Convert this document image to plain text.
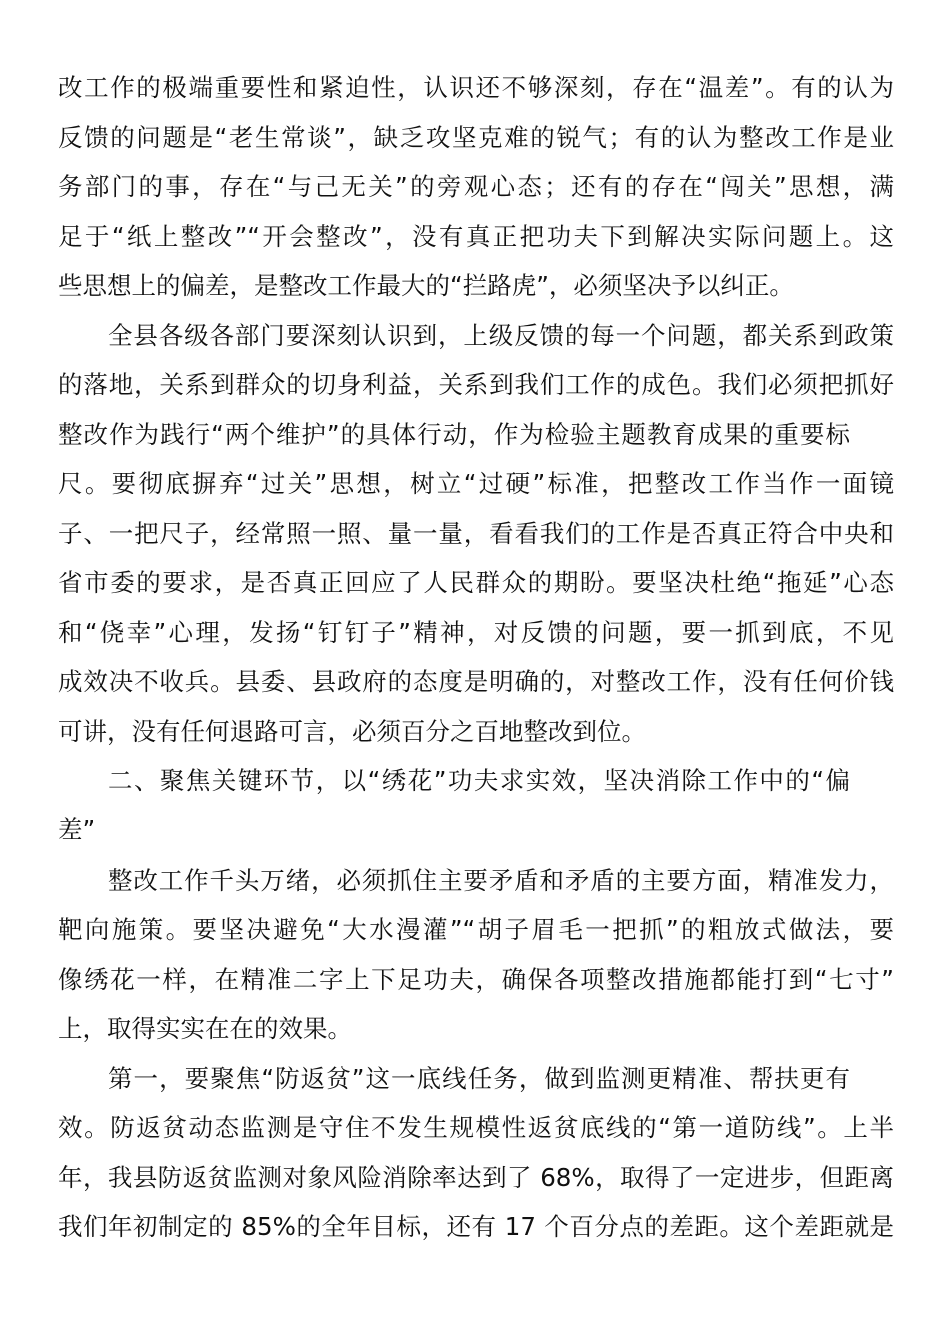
改工作的极端重要性和紧迫性，认识还不够深刻，存在“温差”。有的认为
反馈的问题是“老生常谈”，缺乏攻坚克难的锐气；有的认为整改工作是业
务部门的事，存在“与己无关”的旁观心态；还有的存在“闯关”思想，满
足于“纸上整改”“开会整改”，没有真正把功夫下到解决实际问题上。这
些思想上的偏差，是整改工作最大的“拦路虎”，必须坚决予以纠正。
全县各级各部门要深刻认识到，上级反馈的每一个问题，都关系到政策
的落地，关系到群众的切身利益，关系到我们工作的成色。我们必须把抓好
整改作为践行“两个维护”的具体行动，作为检验主题教育成果的重要标
尺。要彻底摒弃“过关”思想，树立“过硬”标准，把整改工作当作一面镜
子、一把尺子，经常照一照、量一量，看看我们的工作是否真正符合中央和
省市委的要求，是否真正回应了人民群众的期盼。要坚决杜绝“拖延”心态
和“侥幸”心理，发扬“钉钉子”精神，对反馈的问题，要一抓到底，不见
成效决不收兵。县委、县政府的态度是明确的，对整改工作，没有任何价钱
可讲，没有任何退路可言，必须百分之百地整改到位。
二、聚焦关键环节，以“绣花”功夫求实效，坚决消除工作中的“偏
差”
整改工作千头万绪，必须抓住主要矛盾和矛盾的主要方面，精准发力，
靶向施策。要坚决避免“大水漫灌”“胡子眉毛一把抓”的粗放式做法，要
像绣花一样，在精准二字上下足功夫，确保各项整改措施都能打到“七寸”
上，取得实实在在的效果。
第一，要聚焦“防返贫”这一底线任务，做到监测更精准、帮扶更有
效。防返贫动态监测是守住不发生规模性返贫底线的“第一道防线”。上半
年，我县防返贫监测对象风险消除率达到了 68%，取得了一定进步，但距离
我们年初制定的 85%的全年目标，还有 17 个百分点的差距。这个差距就是
